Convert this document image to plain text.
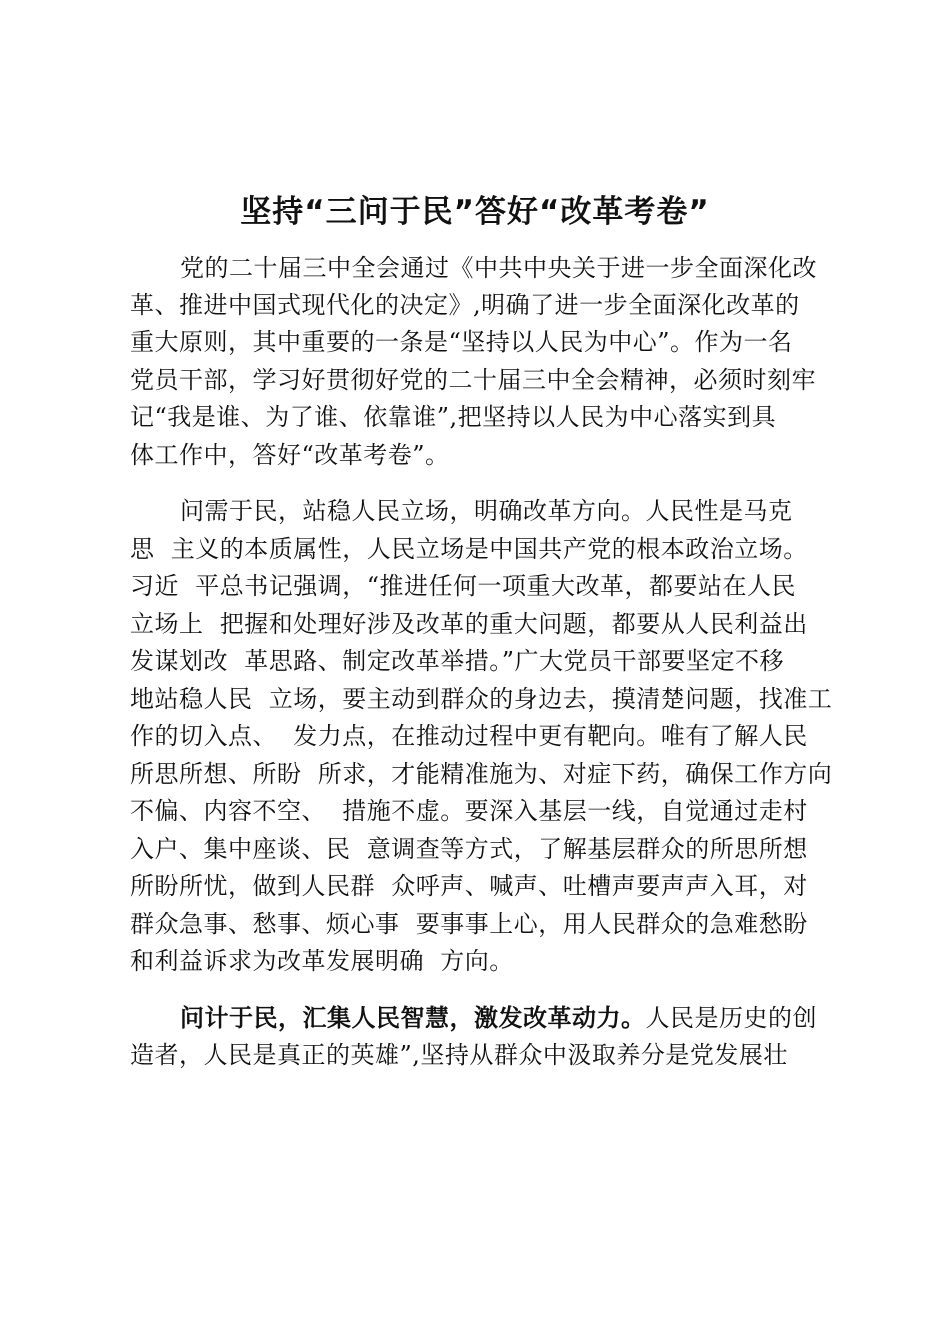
坚持“三问于民”答好“改革考卷”
党的二十届三中全会通过《中共中央关于进一步全面深化改
革、推进中国式现代化的决定》,明确了进一步全面深化改革的
重大原则，其中重要的一条是“坚持以人民为中心”。作为一名
党员干部，学习好贯彻好党的二十届三中全会精神，必须时刻牢
记“我是谁、为了谁、依靠谁”,把坚持以人民为中心落实到具
体工作中，答好“改革考卷”。
问需于民，站稳人民立场，明确改革方向。人民性是马克
思  主义的本质属性，人民立场是中国共产党的根本政治立场。
习近  平总书记强调，“推进任何一项重大改革，都要站在人民
立场上  把握和处理好涉及改革的重大问题，都要从人民利益出
发谋划改  革思路、制定改革举措。”广大党员干部要坚定不移
地站稳人民  立场，要主动到群众的身边去，摸清楚问题，找准工
作的切入点、  发力点，在推动过程中更有靶向。唯有了解人民
所思所想、所盼  所求，才能精准施为、对症下药，确保工作方向
不偏、内容不空、  措施不虚。要深入基层一线，自觉通过走村
入户、集中座谈、民  意调查等方式，了解基层群众的所思所想
所盼所忧，做到人民群  众呼声、喊声、吐槽声要声声入耳，对
群众急事、愁事、烦心事  要事事上心，用人民群众的急难愁盼
和利益诉求为改革发展明确  方向。
问计于民，汇集人民智慧，激发改革动力。人民是历史的创
造者，人民是真正的英雄”,坚持从群众中汲取养分是党发展壮
